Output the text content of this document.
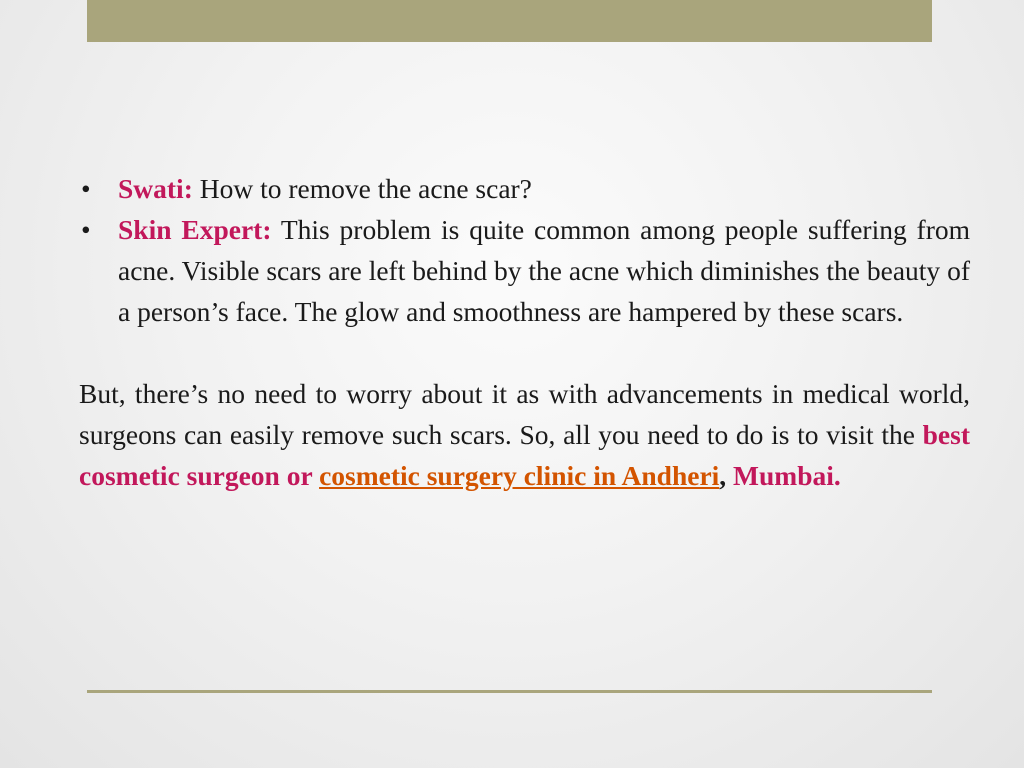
• Swati: How to remove the acne scar?
• Skin Expert: This problem is quite common among people suffering from acne. Visible scars are left behind by the acne which diminishes the beauty of a person’s face. The glow and smoothness are hampered by these scars.

But, there’s no need to worry about it as with advancements in medical world, surgeons can easily remove such scars. So, all you need to do is to visit the best cosmetic surgeon or cosmetic surgery clinic in Andheri, Mumbai.
